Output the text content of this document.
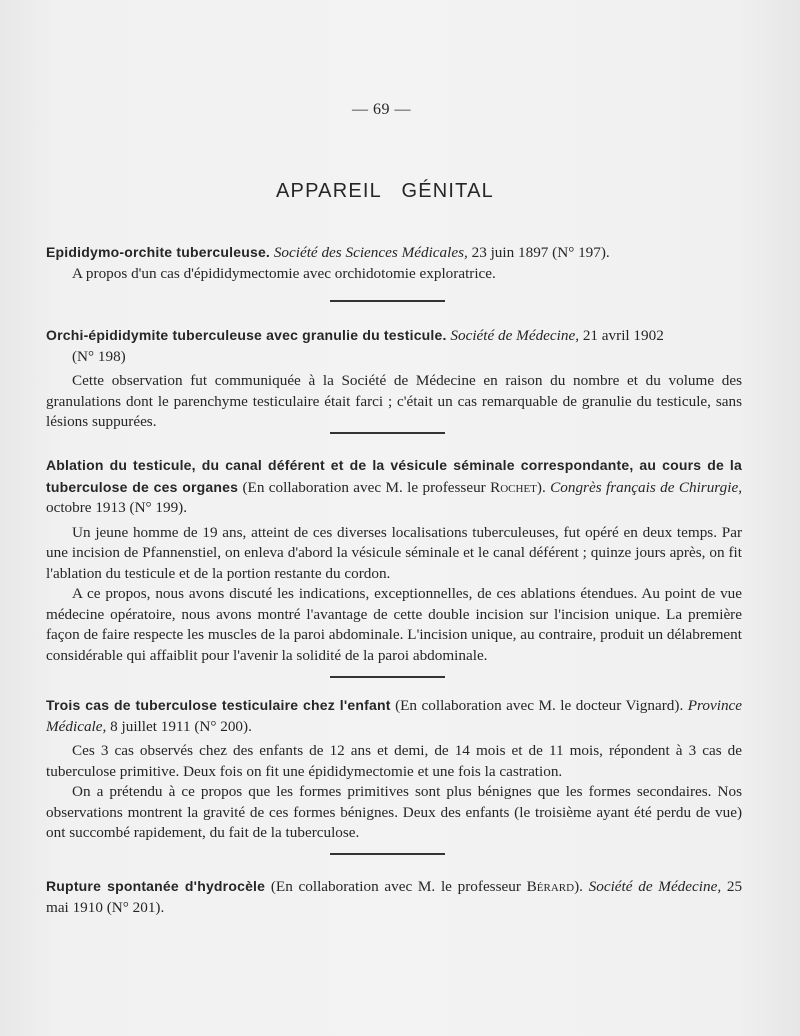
— 69 —
APPAREIL   GÉNITAL

Epididymo-orchite tuberculeuse. Société des Sciences Médicales, 23 juin 1897 (N° 197).

A propos d'un cas d'épididymectomie avec orchidotomie exploratrice.

Orchi-épididymite tuberculeuse avec granulie du testicule. Société de Médecine, 21 avril 1902

(N° 198)

Cette observation fut communiquée à la Société de Médecine en raison du nombre et du volume des granulations dont le parenchyme testiculaire était farci ; c'était un cas remarquable de granulie du testicule, sans lésions suppurées.

Ablation du testicule, du canal déférent et de la vésicule séminale correspondante, au cours de la tuberculose de ces organes (En collaboration avec M. le professeur Rochet). Congrès français de Chirurgie, octobre 1913 (N° 199).

Un jeune homme de 19 ans, atteint de ces diverses localisations tuberculeuses, fut opéré en deux temps. Par une incision de Pfannenstiel, on enleva d'abord la vésicule séminale et le canal déférent ; quinze jours après, on fit l'ablation du testicule et de la portion restante du cordon.

A ce propos, nous avons discuté les indications, exceptionnelles, de ces ablations étendues. Au point de vue médecine opératoire, nous avons montré l'avantage de cette double incision sur l'incision unique. La première façon de faire respecte les muscles de la paroi abdominale. L'incision unique, au contraire, produit un délabrement considérable qui affaiblit pour l'avenir la solidité de la paroi abdominale.

Trois cas de tuberculose testiculaire chez l'enfant (En collaboration avec M. le docteur Vignard). Province Médicale, 8 juillet 1911 (N° 200).

Ces 3 cas observés chez des enfants de 12 ans et demi, de 14 mois et de 11 mois, répondent à 3 cas de tuberculose primitive. Deux fois on fit une épididymectomie et une fois la castration.

On a prétendu à ce propos que les formes primitives sont plus bénignes que les formes secondaires. Nos observations montrent la gravité de ces formes bénignes. Deux des enfants (le troisième ayant été perdu de vue) ont succombé rapidement, du fait de la tuberculose.

Rupture spontanée d'hydrocèle (En collaboration avec M. le professeur Bérard). Société de Médecine, 25 mai 1910 (N° 201).
